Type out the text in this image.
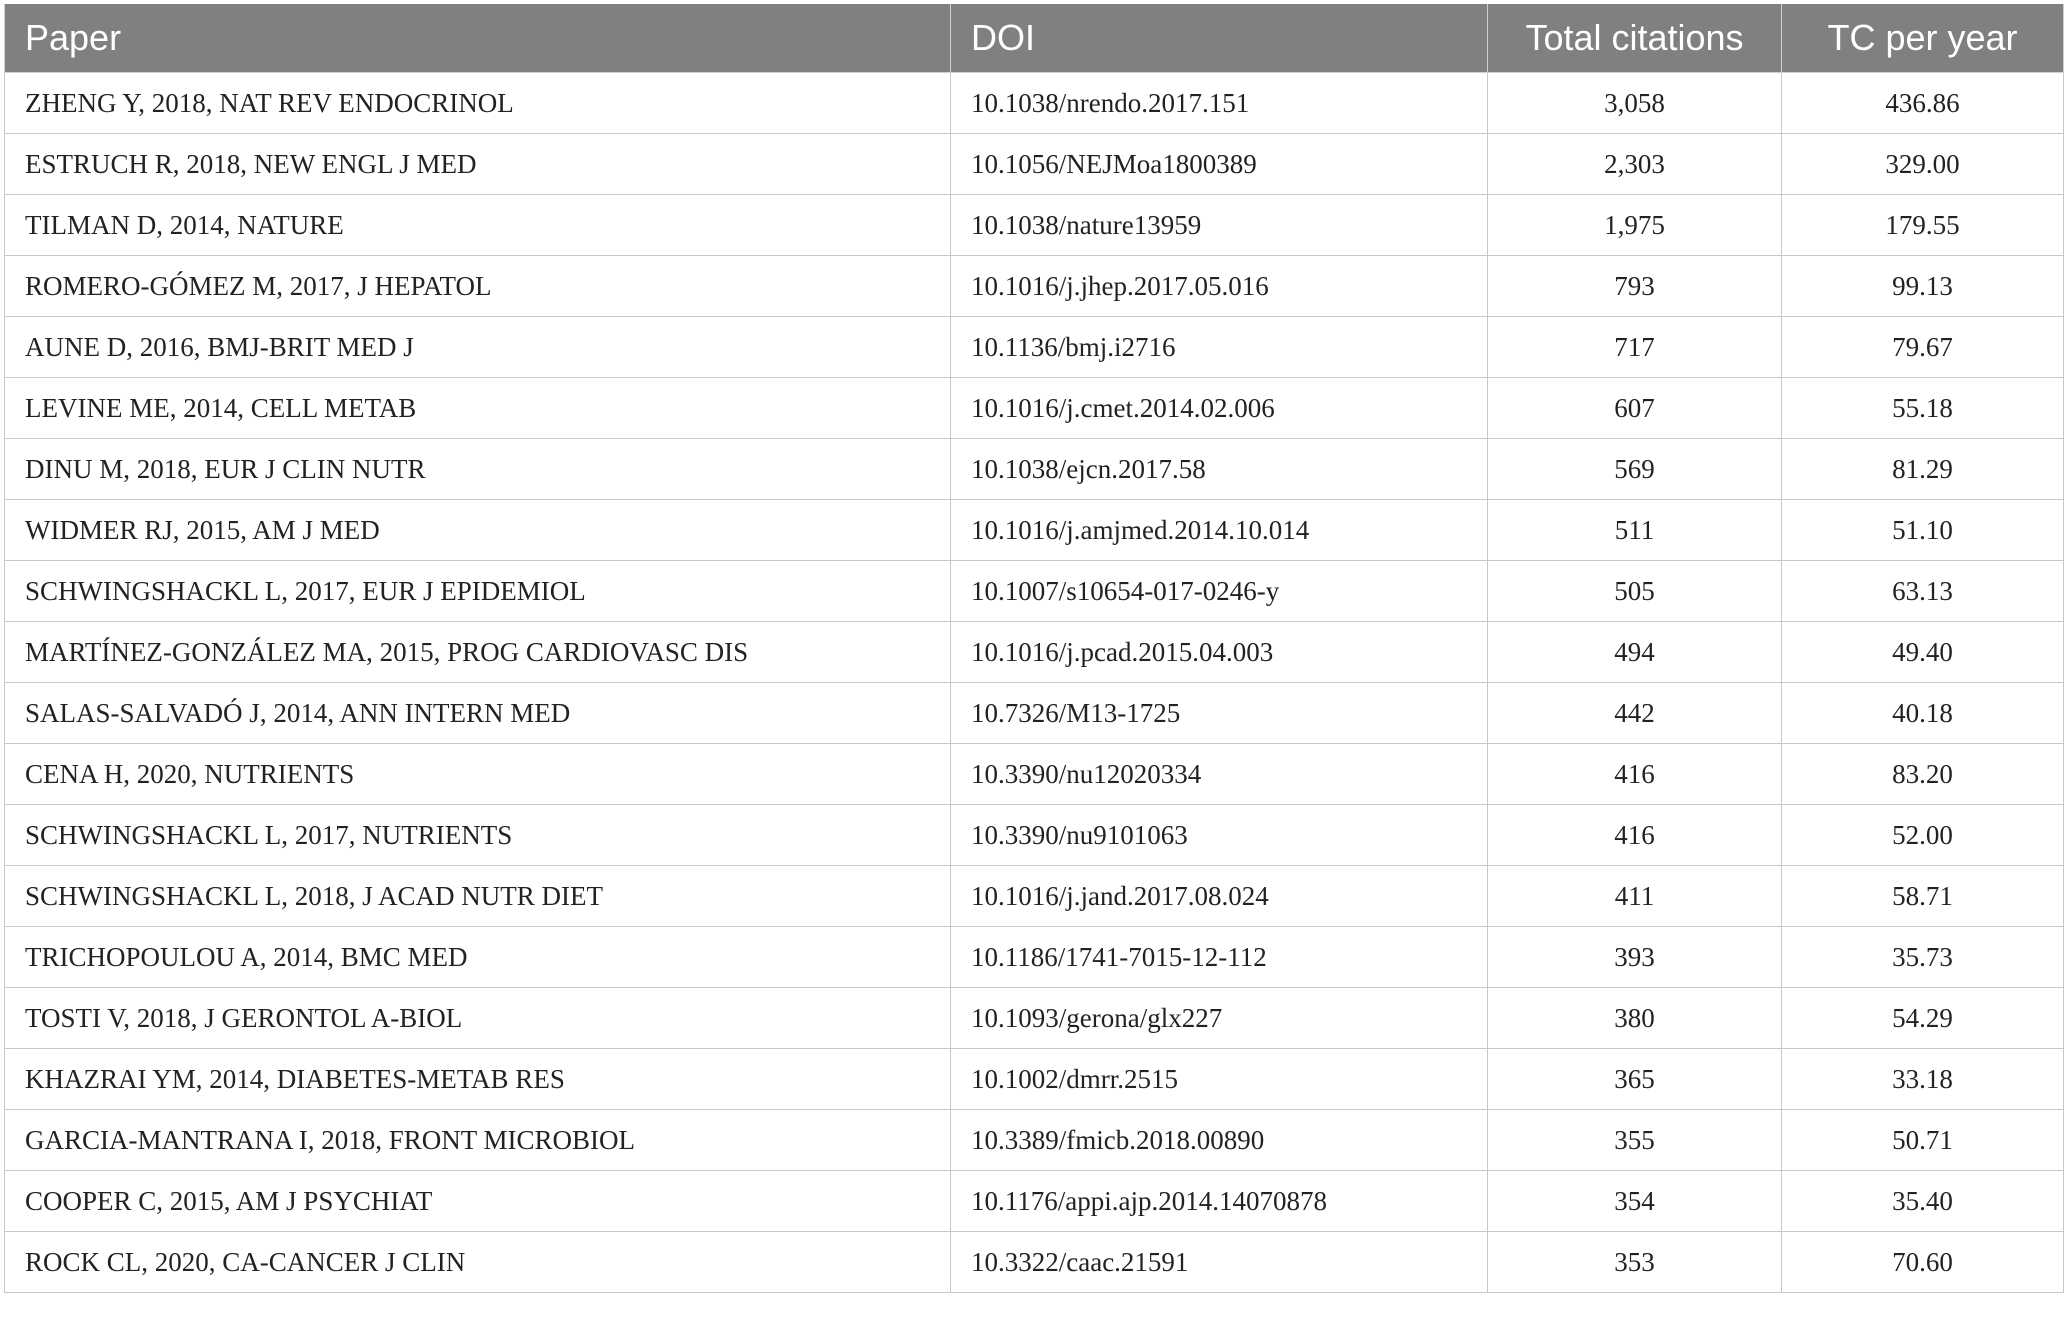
Paper	DOI	Total citations	TC per year
ZHENG Y, 2018, NAT REV ENDOCRINOL	10.1038/nrendo.2017.151	3,058	436.86
ESTRUCH R, 2018, NEW ENGL J MED	10.1056/NEJMoa1800389	2,303	329.00
TILMAN D, 2014, NATURE	10.1038/nature13959	1,975	179.55
ROMERO-GÓMEZ M, 2017, J HEPATOL	10.1016/j.jhep.2017.05.016	793	99.13
AUNE D, 2016, BMJ-BRIT MED J	10.1136/bmj.i2716	717	79.67
LEVINE ME, 2014, CELL METAB	10.1016/j.cmet.2014.02.006	607	55.18
DINU M, 2018, EUR J CLIN NUTR	10.1038/ejcn.2017.58	569	81.29
WIDMER RJ, 2015, AM J MED	10.1016/j.amjmed.2014.10.014	511	51.10
SCHWINGSHACKL L, 2017, EUR J EPIDEMIOL	10.1007/s10654-017-0246-y	505	63.13
MARTÍNEZ-GONZÁLEZ MA, 2015, PROG CARDIOVASC DIS	10.1016/j.pcad.2015.04.003	494	49.40
SALAS-SALVADÓ J, 2014, ANN INTERN MED	10.7326/M13-1725	442	40.18
CENA H, 2020, NUTRIENTS	10.3390/nu12020334	416	83.20
SCHWINGSHACKL L, 2017, NUTRIENTS	10.3390/nu9101063	416	52.00
SCHWINGSHACKL L, 2018, J ACAD NUTR DIET	10.1016/j.jand.2017.08.024	411	58.71
TRICHOPOULOU A, 2014, BMC MED	10.1186/1741-7015-12-112	393	35.73
TOSTI V, 2018, J GERONTOL A-BIOL	10.1093/gerona/glx227	380	54.29
KHAZRAI YM, 2014, DIABETES-METAB RES	10.1002/dmrr.2515	365	33.18
GARCIA-MANTRANA I, 2018, FRONT MICROBIOL	10.3389/fmicb.2018.00890	355	50.71
COOPER C, 2015, AM J PSYCHIAT	10.1176/appi.ajp.2014.14070878	354	35.40
ROCK CL, 2020, CA-CANCER J CLIN	10.3322/caac.21591	353	70.60
